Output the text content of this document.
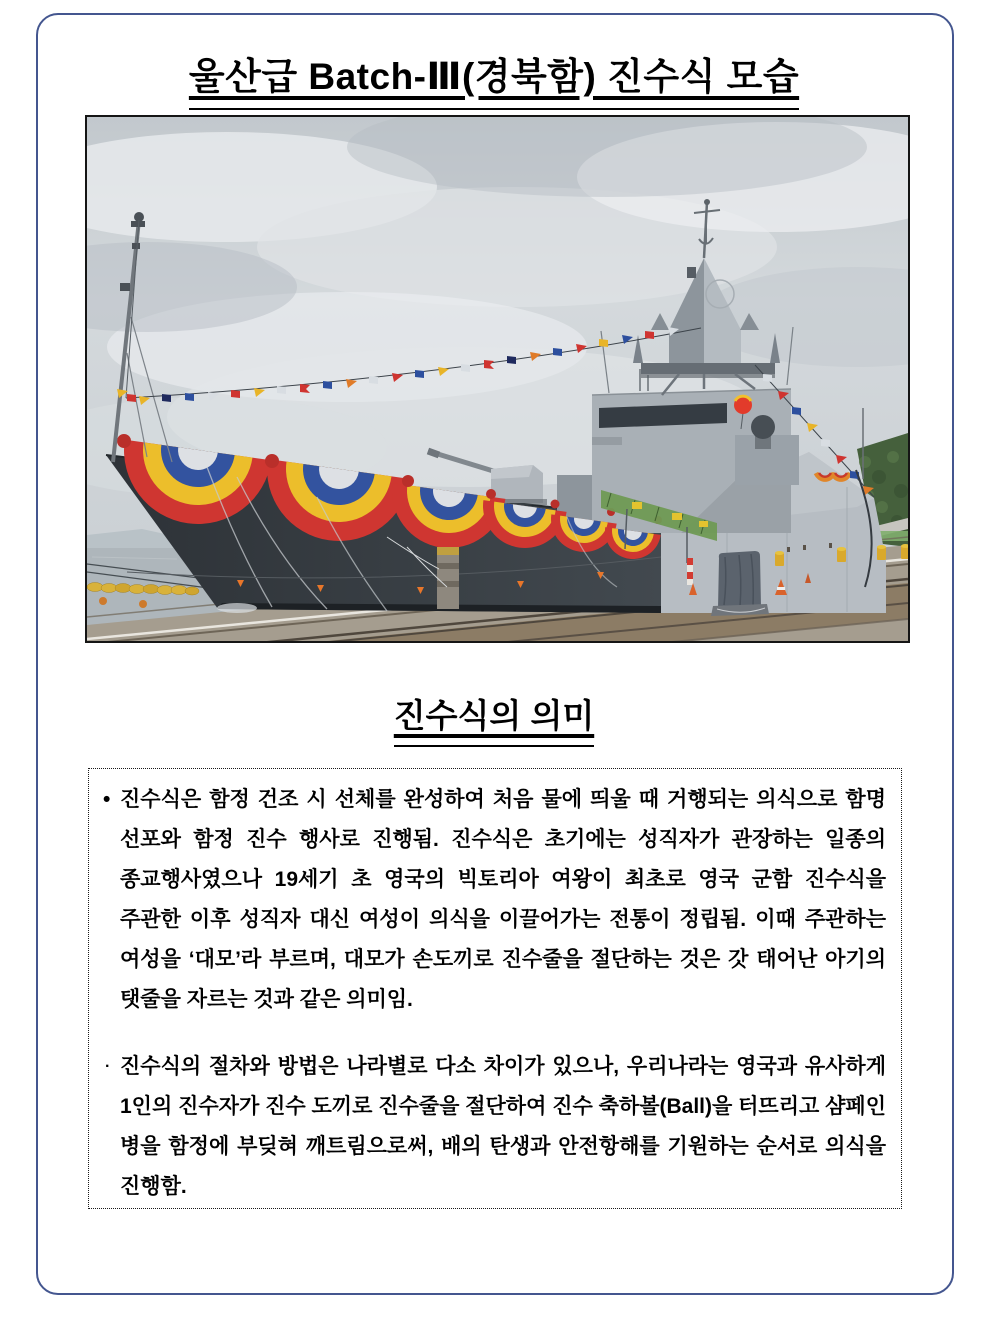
울산급 Batch-Ⅲ(경북함) 진수식 모습
진수식의 의미
• 진수식은 함정 건조 시 선체를 완성하여 처음 물에 띄울 때 거행되는 의식으로 함명 선포와 함정 진수 행사로 진행됨. 진수식은 초기에는 성직자가 관장하는 일종의 종교행사였으나 19세기 초 영국의 빅토리아 여왕이 최초로 영국 군함 진수식을 주관한 이후 성직자 대신 여성이 의식을 이끌어가는 전통이 정립됨. 이때 주관하는 여성을 ‘대모’라 부르며, 대모가 손도끼로 진수줄을 절단하는 것은 갓 태어난 아기의 탯줄을 자르는 것과 같은 의미임.
· 진수식의 절차와 방법은 나라별로 다소 차이가 있으나, 우리나라는 영국과 유사하게 1인의 진수자가 진수 도끼로 진수줄을 절단하여 진수 축하볼(Ball)을 터뜨리고 샴페인 병을 함정에 부딪혀 깨트림으로써, 배의 탄생과 안전항해를 기원하는 순서로 의식을 진행함.
